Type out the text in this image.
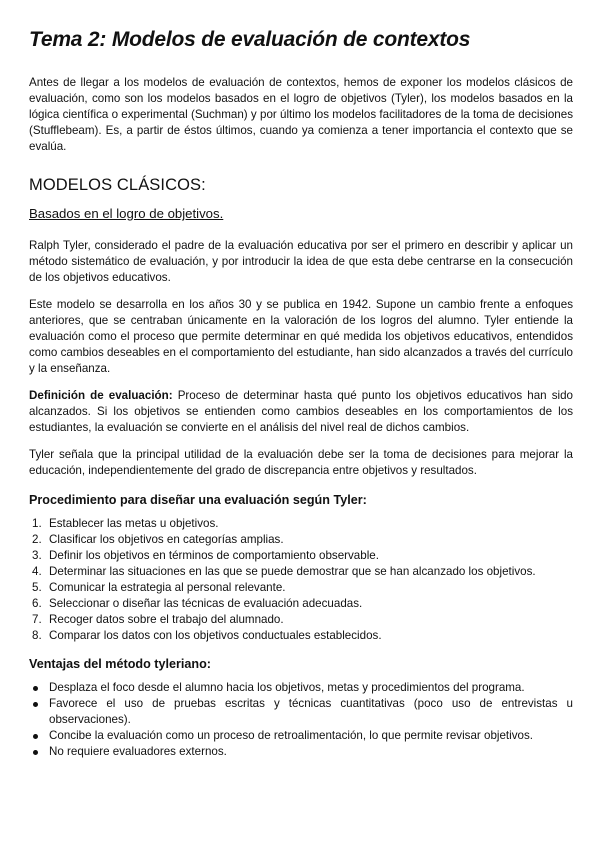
Tema 2: Modelos de evaluación de contextos

Antes de llegar a los modelos de evaluación de contextos, hemos de exponer los modelos clásicos de evaluación, como son los modelos basados en el logro de objetivos (Tyler), los modelos basados en la lógica científica o experimental (Suchman) y por último los modelos facilitadores de la toma de decisiones (Stufflebeam). Es, a partir de éstos últimos, cuando ya comienza a tener importancia el contexto que se evalúa.

MODELOS CLÁSICOS:
Basados en el logro de objetivos.

Ralph Tyler, considerado el padre de la evaluación educativa por ser el primero en describir y aplicar un método sistemático de evaluación, y por introducir la idea de que esta debe centrarse en la consecución de los objetivos educativos.

Este modelo se desarrolla en los años 30 y se publica en 1942. Supone un cambio frente a enfoques anteriores, que se centraban únicamente en la valoración de los logros del alumno. Tyler entiende la evaluación como el proceso que permite determinar en qué medida los objetivos educativos, entendidos como cambios deseables en el comportamiento del estudiante, han sido alcanzados a través del currículo y la enseñanza.

Definición de evaluación: Proceso de determinar hasta qué punto los objetivos educativos han sido alcanzados. Si los objetivos se entienden como cambios deseables en los comportamientos de los estudiantes, la evaluación se convierte en el análisis del nivel real de dichos cambios.

Tyler señala que la principal utilidad de la evaluación debe ser la toma de decisiones para mejorar la educación, independientemente del grado de discrepancia entre objetivos y resultados.

Procedimiento para diseñar una evaluación según Tyler:
1. Establecer las metas u objetivos.
2. Clasificar los objetivos en categorías amplias.
3. Definir los objetivos en términos de comportamiento observable.
4. Determinar las situaciones en las que se puede demostrar que se han alcanzado los objetivos.
5. Comunicar la estrategia al personal relevante.
6. Seleccionar o diseñar las técnicas de evaluación adecuadas.
7. Recoger datos sobre el trabajo del alumnado.
8. Comparar los datos con los objetivos conductuales establecidos.
Ventajas del método tyleriano:
Desplaza el foco desde el alumno hacia los objetivos, metas y procedimientos del programa.
Favorece el uso de pruebas escritas y técnicas cuantitativas (poco uso de entrevistas u observaciones).
Concibe la evaluación como un proceso de retroalimentación, lo que permite revisar objetivos.
No requiere evaluadores externos.
